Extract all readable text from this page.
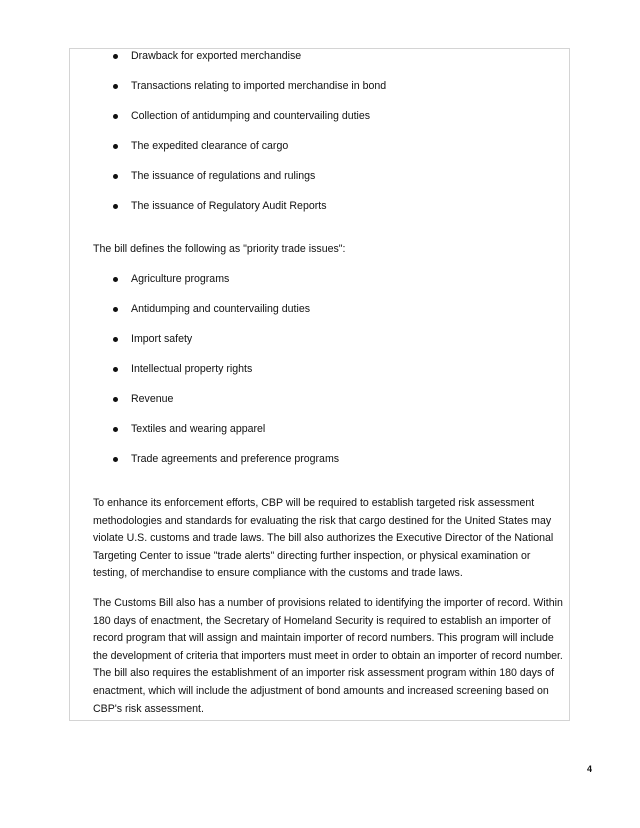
Drawback for exported merchandise
Transactions relating to imported merchandise in bond
Collection of antidumping and countervailing duties
The expedited clearance of cargo
The issuance of regulations and rulings
The issuance of Regulatory Audit Reports

The bill defines the following as "priority trade issues":

Agriculture programs
Antidumping and countervailing duties
Import safety
Intellectual property rights
Revenue
Textiles and wearing apparel
Trade agreements and preference programs

To enhance its enforcement efforts, CBP will be required to establish targeted risk assessment methodologies and standards for evaluating the risk that cargo destined for the United States may violate U.S. customs and trade laws. The bill also authorizes the Executive Director of the National Targeting Center to issue "trade alerts" directing further inspection, or physical examination or testing, of merchandise to ensure compliance with the customs and trade laws.

The Customs Bill also has a number of provisions related to identifying the importer of record. Within 180 days of enactment, the Secretary of Homeland Security is required to establish an importer of record program that will assign and maintain importer of record numbers. This program will include the development of criteria that importers must meet in order to obtain an importer of record number. The bill also requires the establishment of an importer risk assessment program within 180 days of enactment, which will include the adjustment of bond amounts and increased screening based on CBP's risk assessment.

4
